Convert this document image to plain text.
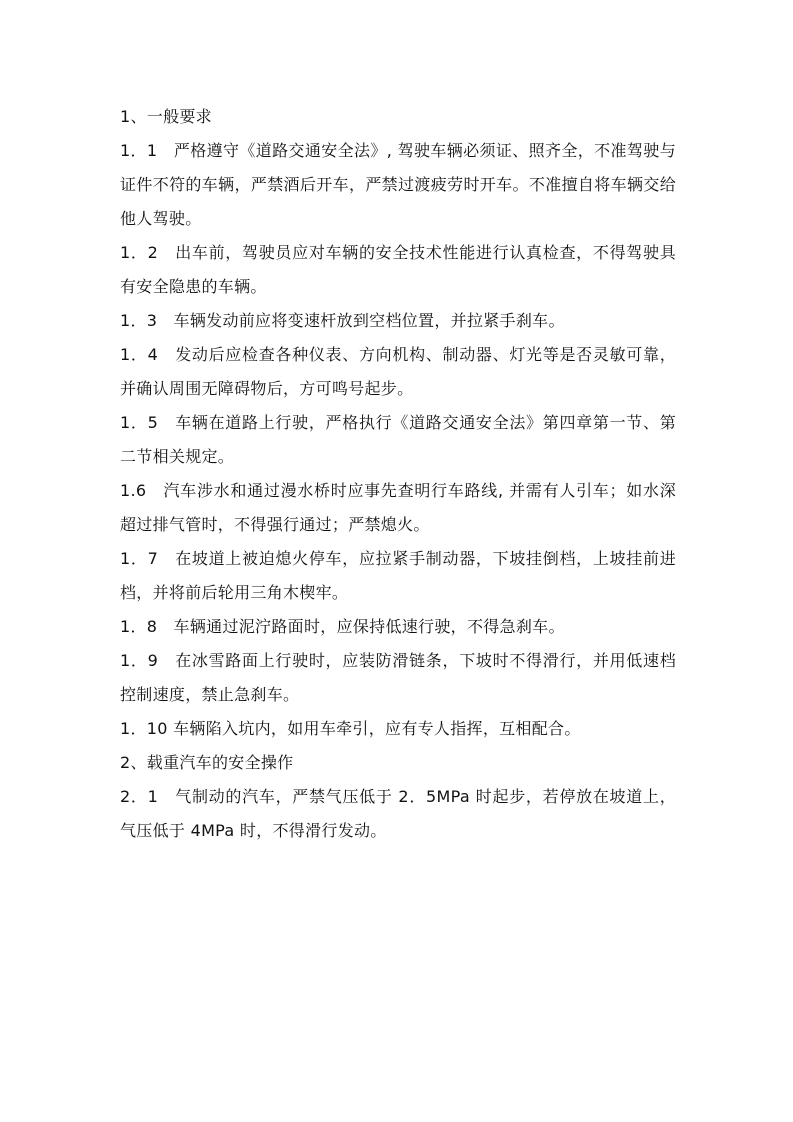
1、一般要求

1．1　严格遵守《道路交通安全法》, 驾驶车辆必须证、照齐全，不准驾驶与证件不符的车辆，严禁酒后开车，严禁过渡疲劳时开车。不准擅自将车辆交给他人驾驶。

1．2　出车前，驾驶员应对车辆的安全技术性能进行认真检查，不得驾驶具有安全隐患的车辆。

1．3　车辆发动前应将变速杆放到空档位置，并拉紧手刹车。

1．4　发动后应检查各种仪表、方向机构、制动器、灯光等是否灵敏可靠，并确认周围无障碍物后，方可鸣号起步。

1．5　车辆在道路上行驶，严格执行《道路交通安全法》第四章第一节、第二节相关规定。

1.6　汽车涉水和通过漫水桥时应事先查明行车路线, 并需有人引车；如水深超过排气管时，不得强行通过；严禁熄火。

1．7　在坡道上被迫熄火停车，应拉紧手制动器，下坡挂倒档，上坡挂前进档，并将前后轮用三角木楔牢。

1．8　车辆通过泥泞路面时，应保持低速行驶，不得急刹车。

1．9　在冰雪路面上行驶时，应装防滑链条，下坡时不得滑行，并用低速档控制速度，禁止急刹车。

1．10 车辆陷入坑内，如用车牵引，应有专人指挥，互相配合。

2、载重汽车的安全操作

2．1　气制动的汽车，严禁气压低于 2．5MPa 时起步，若停放在坡道上，气压低于 4MPa 时，不得滑行发动。
